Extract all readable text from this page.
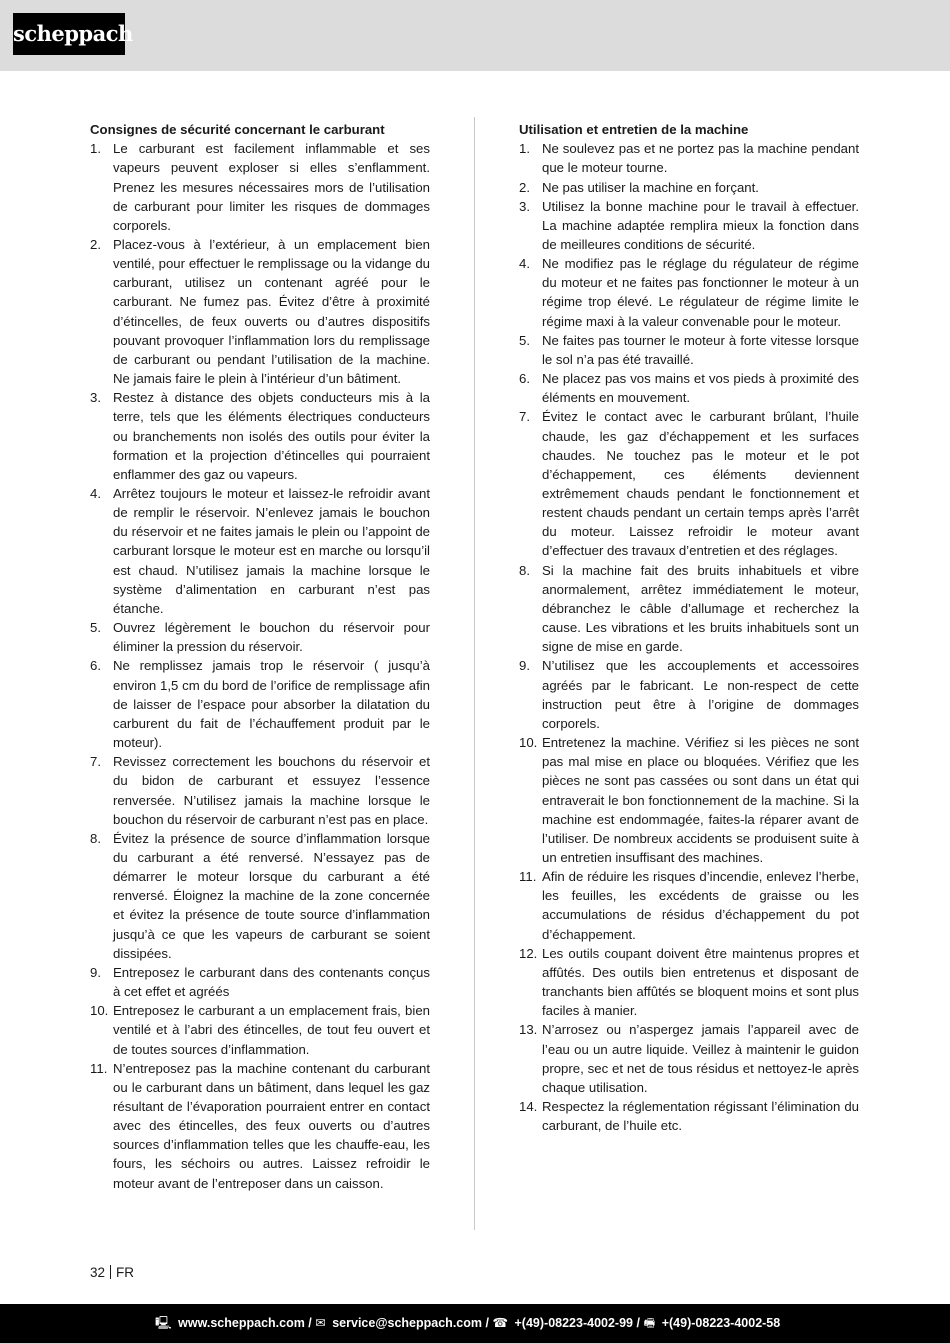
scheppach
Consignes de sécurité concernant le carburant
1. Le carburant est facilement inflammable et ses vapeurs peuvent exploser si elles s’enflamment. Prenez les mesures nécessaires mors de l’utilisation de carburant pour limiter les risques de dommages corporels.
2. Placez-vous à l’extérieur, à un emplacement bien ventilé, pour effectuer le remplissage ou la vidange du carburant, utilisez un contenant agréé pour le carburant. Ne fumez pas. Évitez d’être à proximité d’étincelles, de feux ouverts ou d’autres dispositifs pouvant provoquer l’inflammation lors du remplissage de carburant ou pendant l’utilisation de la machine. Ne jamais faire le plein à l’intérieur d’un bâtiment.
3. Restez à distance des objets conducteurs mis à la terre, tels que les éléments électriques conducteurs ou branchements non isolés des outils pour éviter la formation et la projection d’étincelles qui pourraient enflammer des gaz ou vapeurs.
4. Arrêtez toujours le moteur et laissez-le refroidir avant de remplir le réservoir. N’enlevez jamais le bouchon du réservoir et ne faites jamais le plein ou l’appoint de carburant lorsque le moteur est en marche ou lorsqu’il est chaud. N’utilisez jamais la machine lorsque le système d’alimentation en carburant n’est pas étanche.
5. Ouvrez légèrement le bouchon du réservoir pour éliminer la pression du réservoir.
6. Ne remplissez jamais trop le réservoir ( jusqu’à environ 1,5 cm du bord de l’orifice de remplissage afin de laisser de l’espace pour absorber la dilatation du carburent du fait de l’échauffement produit par le moteur).
7. Revissez correctement les bouchons du réservoir et du bidon de carburant et essuyez l’essence renversée. N’utilisez jamais la machine lorsque le bouchon du réservoir de carburant n’est pas en place.
8. Évitez la présence de source d’inflammation lorsque du carburant a été renversé. N’essayez pas de démarrer le moteur lorsque du carburant a été renversé. Éloignez la machine de la zone concernée et évitez la présence de toute source d’inflammation jusqu’à ce que les vapeurs de carburant se soient dissipées.
9. Entreposez le carburant dans des contenants conçus à cet effet et agréés
10. Entreposez le carburant a un emplacement frais, bien ventilé et à l’abri des étincelles, de tout feu ouvert et de toutes sources d’inflammation.
11. N’entreposez pas la machine contenant du carburant ou le carburant dans un bâtiment, dans lequel les gaz résultant de l’évaporation pourraient entrer en contact avec des étincelles, des feux ouverts ou d’autres sources d’inflammation telles que les chauffe-eau, les fours, les séchoirs ou autres. Laissez refroidir le moteur avant de l’entreposer dans un caisson.
Utilisation et entretien de la machine
1. Ne soulevez pas et ne portez pas la machine pendant que le moteur tourne.
2. Ne pas utiliser la machine en forçant.
3. Utilisez la bonne machine pour le travail à effectuer. La machine adaptée remplira mieux la fonction dans de meilleures conditions de sécurité.
4. Ne modifiez pas le réglage du régulateur de régime du moteur et ne faites pas fonctionner le moteur à un régime trop élevé. Le régulateur de régime limite le régime maxi à la valeur convenable pour le moteur.
5. Ne faites pas tourner le moteur à forte vitesse lorsque le sol n’a pas été travaillé.
6. Ne placez pas vos mains et vos pieds à proximité des éléments en mouvement.
7. Évitez le contact avec le carburant brûlant, l’huile chaude, les gaz d’échappement et les surfaces chaudes. Ne touchez pas le moteur et le pot d’échappement, ces éléments deviennent extrêmement chauds pendant le fonctionnement et restent chauds pendant un certain temps après l’arrêt du moteur. Laissez refroidir le moteur avant d’effectuer des travaux d’entretien et des réglages.
8. Si la machine fait des bruits inhabituels et vibre anormalement, arrêtez immédiatement le moteur, débranchez le câble d’allumage et recherchez la cause. Les vibrations et les bruits inhabituels sont un signe de mise en garde.
9. N’utilisez que les accouplements et accessoires agréés par le fabricant. Le non-respect de cette instruction peut être à l’origine de dommages corporels.
10. Entretenez la machine. Vérifiez si les pièces ne sont pas mal mise en place ou bloquées. Vérifiez que les pièces ne sont pas cassées ou sont dans un état qui entraverait le bon fonctionnement de la machine. Si la machine est endommagée, faites-la réparer avant de l’utiliser. De nombreux accidents se produisent suite à un entretien insuffisant des machines.
11. Afin de réduire les risques d’incendie, enlevez l’herbe, les feuilles, les excédents de graisse ou les accumulations de résidus d’échappement du pot d’échappement.
12. Les outils coupant doivent être maintenus propres et affûtés. Des outils bien entretenus et disposant de tranchants bien affûtés se bloquent moins et sont plus faciles à manier.
13. N’arrosez ou n’aspergez jamais l’appareil avec de l’eau ou un autre liquide. Veillez à maintenir le guidon propre, sec et net de tous résidus et nettoyez-le après chaque utilisation.
14. Respectez la réglementation régissant l’élimination du carburant, de l’huile etc.
32 FR
🖳 www.scheppach.com / ✉ service@scheppach.com / ☎ +(49)-08223-4002-99 / 🖷 +(49)-08223-4002-58
